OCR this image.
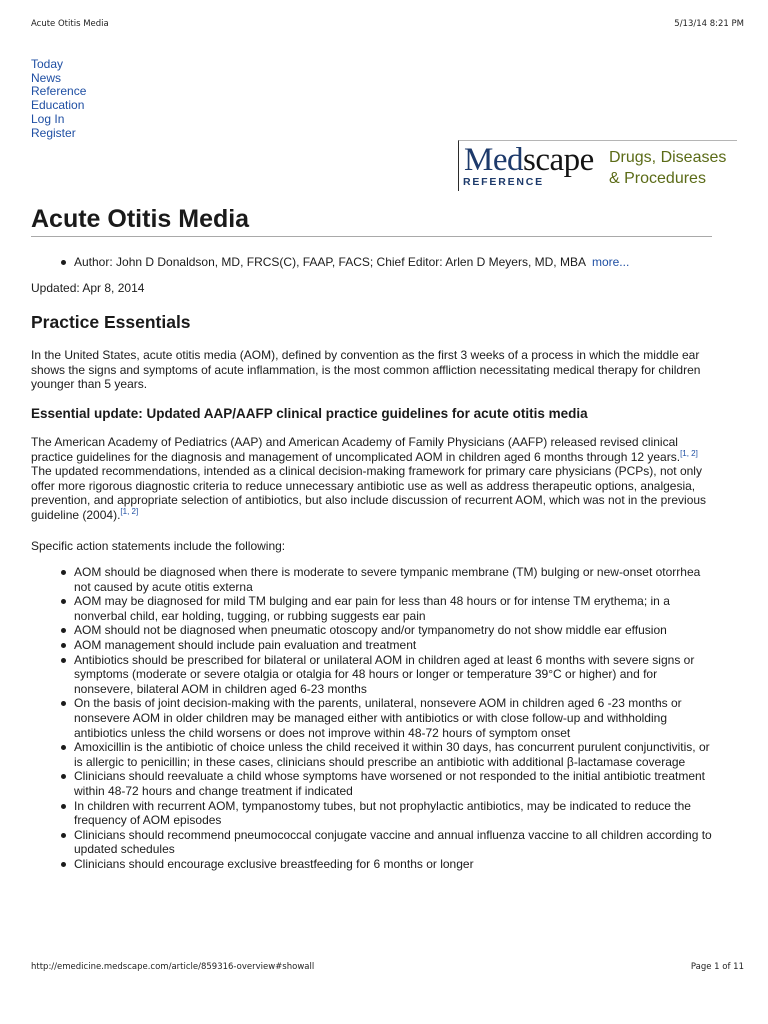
Acute Otitis Media	5/13/14 8:21 PM
Today
News
Reference
Education
Log In
Register
Medscape
REFERENCE
Drugs, Diseases
& Procedures
Acute Otitis Media
Author: John D Donaldson, MD, FRCS(C), FAAP, FACS; Chief Editor: Arlen D Meyers, MD, MBA more...
Updated: Apr 8, 2014
Practice Essentials

In the United States, acute otitis media (AOM), defined by convention as the first 3 weeks of a process in which the middle ear shows the signs and symptoms of acute inflammation, is the most common affliction necessitating medical therapy for children younger than 5 years.

Essential update: Updated AAP/AAFP clinical practice guidelines for acute otitis media

The American Academy of Pediatrics (AAP) and American Academy of Family Physicians (AAFP) released revised clinical practice guidelines for the diagnosis and management of uncomplicated AOM in children aged 6 months through 12 years.[1, 2] The updated recommendations, intended as a clinical decision-making framework for primary care physicians (PCPs), not only offer more rigorous diagnostic criteria to reduce unnecessary antibiotic use as well as address therapeutic options, analgesia, prevention, and appropriate selection of antibiotics, but also include discussion of recurrent AOM, which was not in the previous guideline (2004).[1, 2]

Specific action statements include the following:

AOM should be diagnosed when there is moderate to severe tympanic membrane (TM) bulging or new-onset otorrhea not caused by acute otitis externa
AOM may be diagnosed for mild TM bulging and ear pain for less than 48 hours or for intense TM erythema; in a nonverbal child, ear holding, tugging, or rubbing suggests ear pain
AOM should not be diagnosed when pneumatic otoscopy and/or tympanometry do not show middle ear effusion
AOM management should include pain evaluation and treatment
Antibiotics should be prescribed for bilateral or unilateral AOM in children aged at least 6 months with severe signs or symptoms (moderate or severe otalgia or otalgia for 48 hours or longer or temperature 39°C or higher) and for nonsevere, bilateral AOM in children aged 6-23 months
On the basis of joint decision-making with the parents, unilateral, nonsevere AOM in children aged 6 -23 months or nonsevere AOM in older children may be managed either with antibiotics or with close follow-up and withholding antibiotics unless the child worsens or does not improve within 48-72 hours of symptom onset
Amoxicillin is the antibiotic of choice unless the child received it within 30 days, has concurrent purulent conjunctivitis, or is allergic to penicillin; in these cases, clinicians should prescribe an antibiotic with additional β-lactamase coverage
Clinicians should reevaluate a child whose symptoms have worsened or not responded to the initial antibiotic treatment within 48-72 hours and change treatment if indicated
In children with recurrent AOM, tympanostomy tubes, but not prophylactic antibiotics, may be indicated to reduce the frequency of AOM episodes
Clinicians should recommend pneumococcal conjugate vaccine and annual influenza vaccine to all children according to updated schedules
Clinicians should encourage exclusive breastfeeding for 6 months or longer
http://emedicine.medscape.com/article/859316-overview#showall	Page 1 of 11
